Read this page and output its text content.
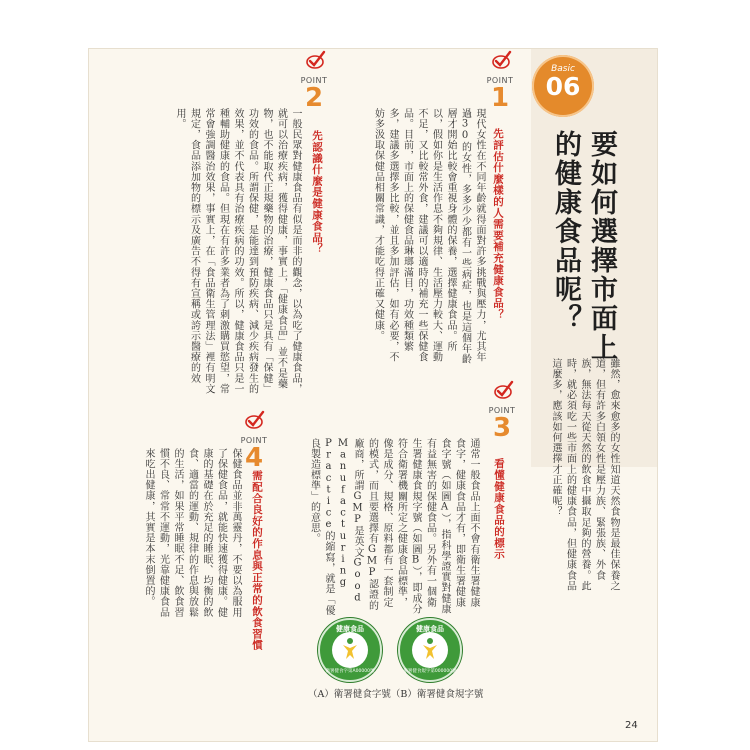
Basic
06
要如何選擇市面上
的健康食品呢？
雖然，愈來愈多的女性知道天然食物是最佳保養之道，但有許多白領女性是壓力族、緊張族、外食族，無法每天從天然的飲食中攝取足夠的營養。此時，就必須吃一些市面上的健康食品，但健康食品這麼多，應該如何選擇才正確呢？
POINT
1
先評估什麼樣的人需要補充健康食品？
現代女性在不同年齡就得面對許多挑戰與壓力，尤其年過30的女性，多多少少都有一些病症，也是這個年齡層才開始比較會重視身體的保養，選擇健康食品。所以，假如你是生活作息不夠規律、生活壓力較大、運動不足，又比較常外食，建議可以適時的補充一些保健食品。目前，市面上的保健食品琳瑯滿目，功效種類繁多，建議多選擇多比較，並且多加評估，如有必要，不妨多汲取保健品相關常識，才能吃得正確又健康。
POINT
2
先認識什麼是健康食品？
一般民眾對健康食品有似是而非的觀念，以為吃了健康食品，就可以治療疾病，獲得健康，事實上，「健康食品」並不是藥物，也不能取代正規藥物的治療，健康食品只是具有「保健」功效的食品。所謂保健，是能達到預防疾病、減少疾病發生的效果，並不代表具有治療疾病的功效。所以，健康食品只是一種輔助健康的食品。但現在有許多業者為了刺激購買慾望，常常會強調醫治效果，事實上，在「食品衛生管理法」裡有明文規定，食品添加物的標示及廣告不得有宣稱或誇示醫療的效用。
POINT
3
看懂健康食品的標示
通常一般食品上面不會有衛生署健康食字，健康食品才有，即衛生署健康食字號（如圖A），指科學證實對健康有益無害的保健食品。另外有一個衛生署健康食規字號（如圖B），即成分符合衛署機關所定之健康食品標準，像是成分、規格、原料都有一套制定的模式，而且要選擇有GMP認證的廠商，所謂GMP是英文Good Manufacturing Practice的縮寫，就是「優良製造標準」的意思。
POINT
4
需配合良好的作息與正常的飲食習慣
保健食品並非萬靈丹，不要以為服用了保健食品，就能快速獲得健康。健康的基礎在於充足的睡眠、均衡的飲食、適當的運動、規律的作息與放鬆的生活，如果平常睡眠不足、飲食習慣不良、常常不運動，光靠健康食品來吃出健康，其實是本末倒置的。
健康食品
衛署健食字第A00000號
健康食品
衛署健食規字第000000號
（A）衛署健食字號（B）衛署健食規字號
24
